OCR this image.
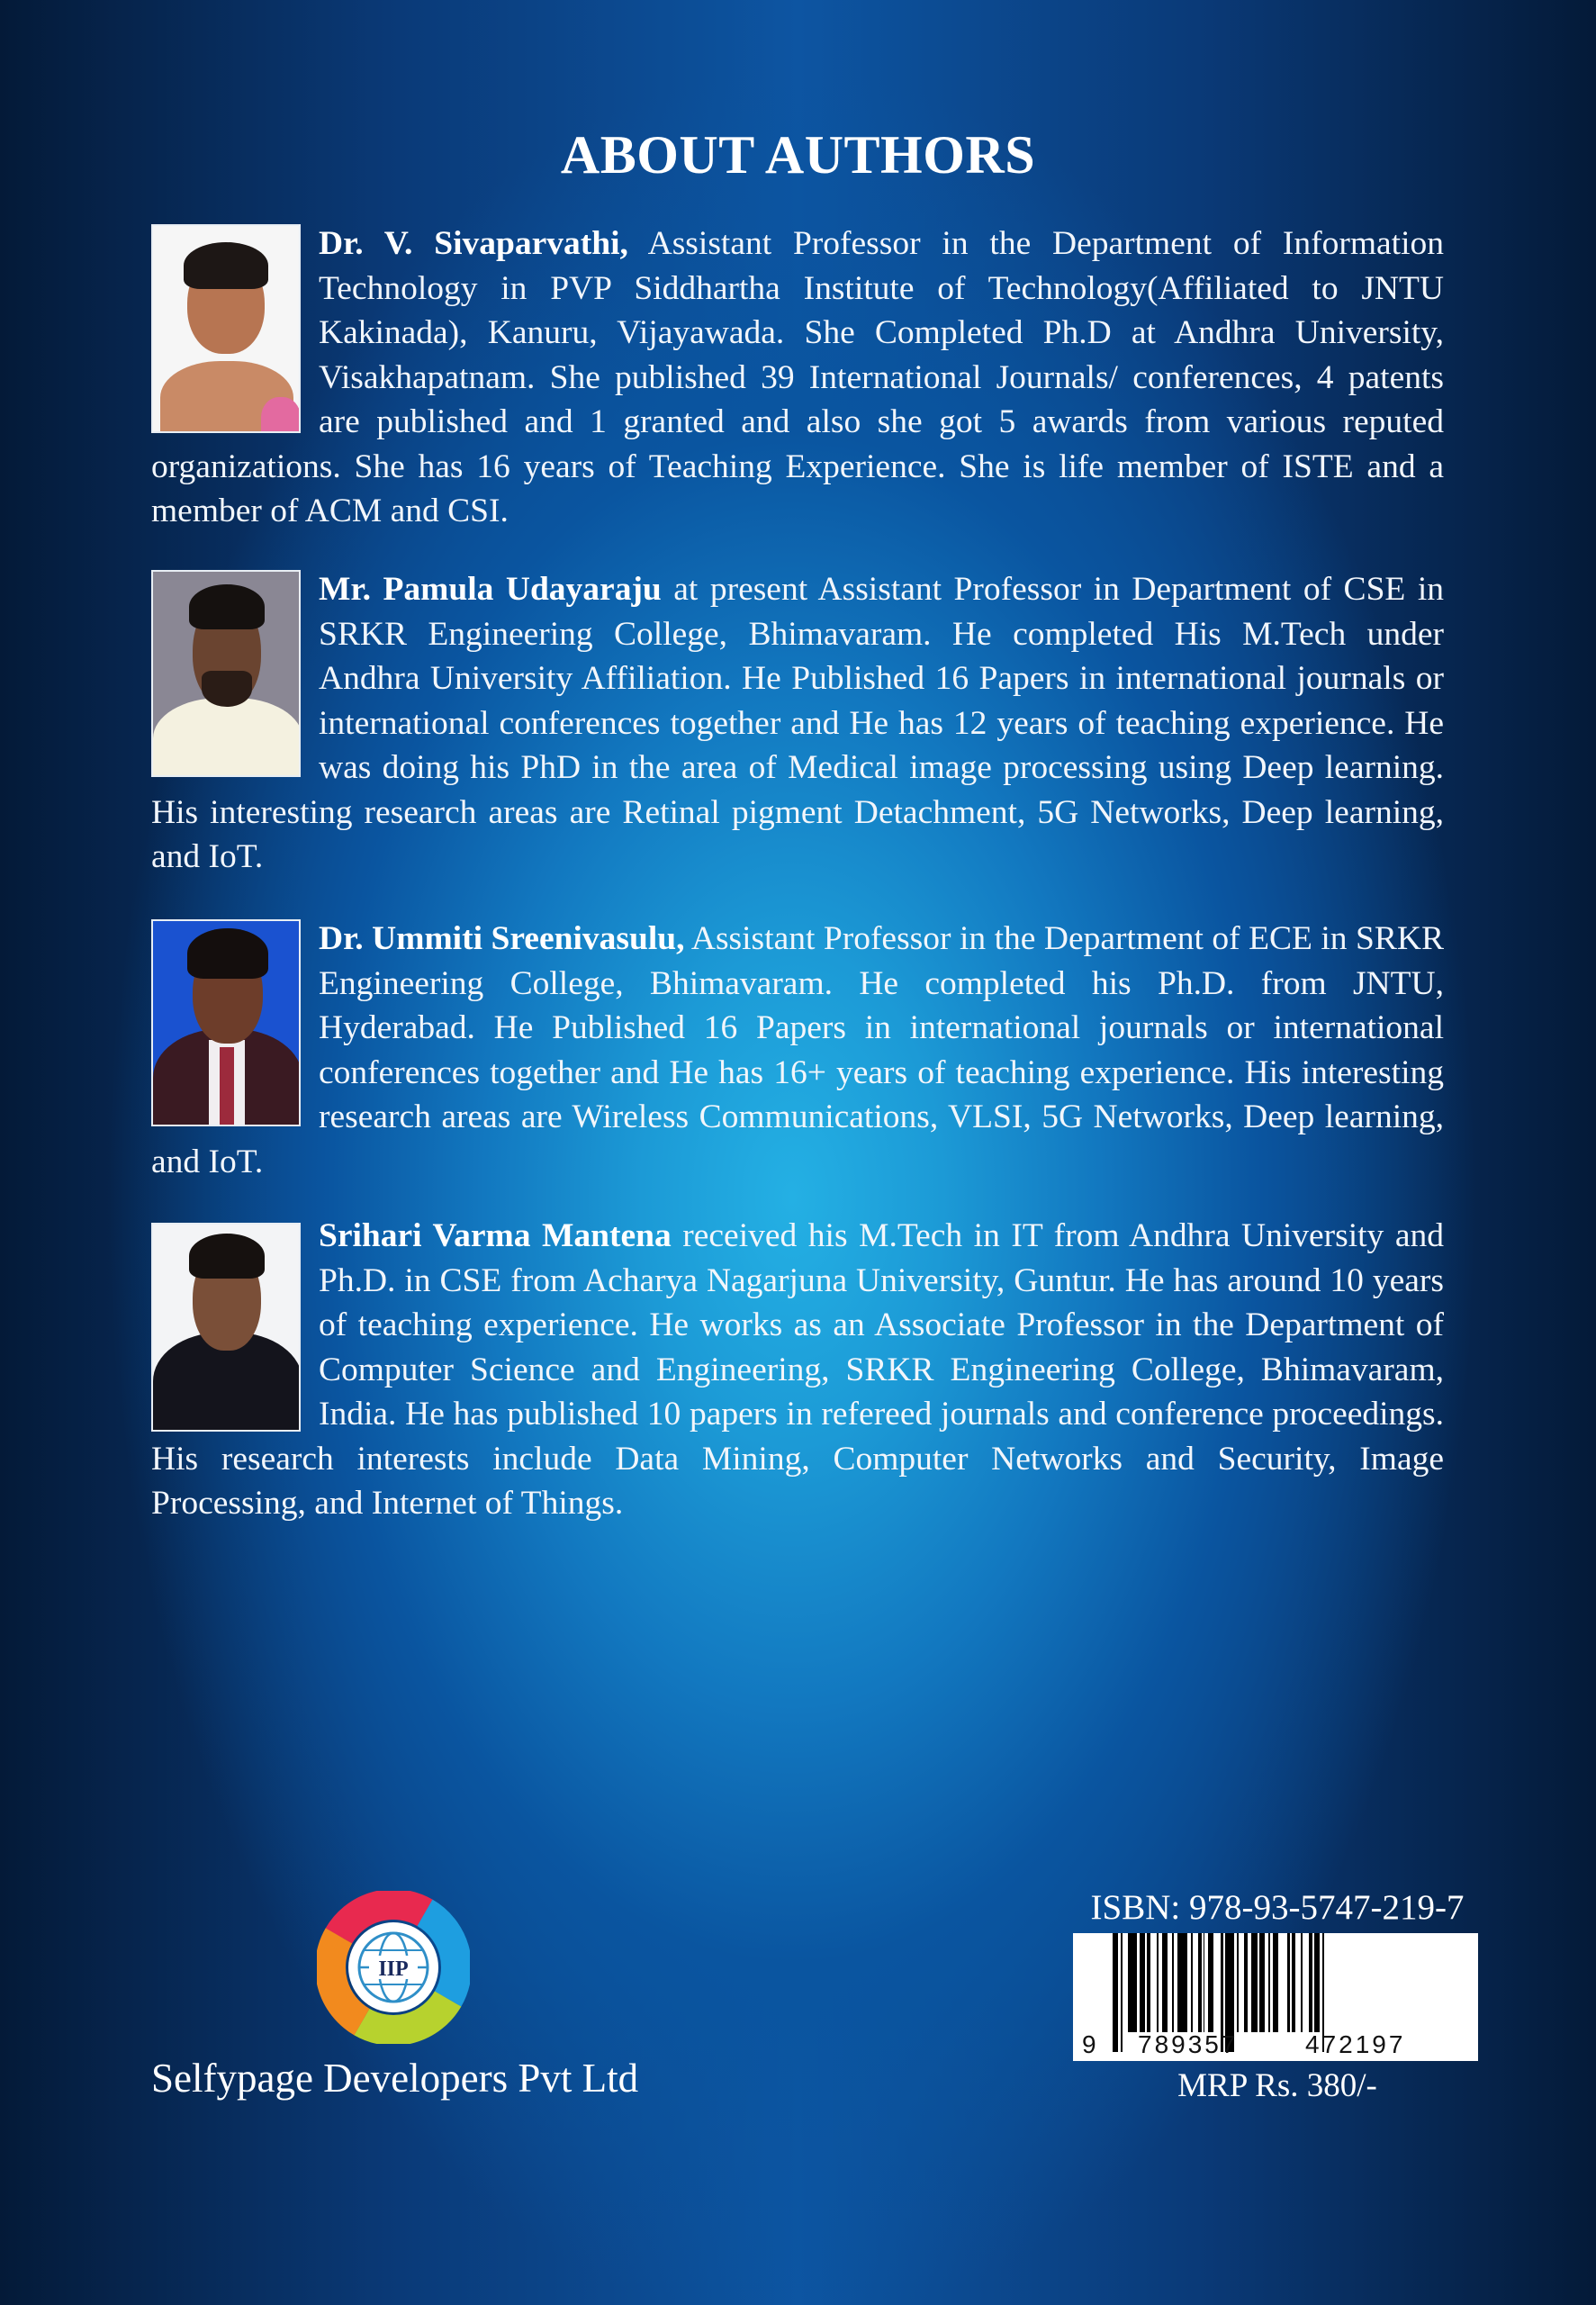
ABOUT AUTHORS
Dr. V. Sivaparvathi, Assistant Professor in the Department of Information Technology in PVP Siddhartha Institute of Technology(Affiliated to JNTU Kakinada), Kanuru, Vijayawada. She Completed Ph.D at Andhra University, Visakhapatnam. She published 39 International Journals/ conferences, 4 patents are published and 1 granted and also she got 5 awards from various reputed organizations. She has 16 years of Teaching Experience. She is life member of ISTE and a member of ACM and CSI.
Mr. Pamula Udayaraju at present Assistant Professor in Department of CSE in SRKR Engineering College, Bhimavaram. He completed His M.Tech under Andhra University Affiliation. He Published 16 Papers in international journals or international conferences together and He has 12 years of teaching experience. He was doing his PhD in the area of Medical image processing using Deep learning. His interesting research areas are Retinal pigment Detachment, 5G Networks, Deep learning, and IoT.
Dr. Ummiti Sreenivasulu, Assistant Professor in the Department of ECE in SRKR Engineering College, Bhimavaram. He completed his Ph.D. from JNTU, Hyderabad. He Published 16 Papers in international journals or international conferences together and He has 16+ years of teaching experience. His interesting research areas are Wireless Communications, VLSI, 5G Networks, Deep learning, and IoT.
Srihari Varma Mantena received his M.Tech in IT from Andhra University and Ph.D. in CSE from Acharya Nagarjuna University, Guntur. He has around 10 years of teaching experience. He works as an Associate Professor in the Department of Computer Science and Engineering, SRKR Engineering College, Bhimavaram, India. He has published 10 papers in refereed journals and conference proceedings. His research interests include Data Mining, Computer Networks and Security, Image Processing, and Internet of Things.
IIP
Selfypage Developers Pvt Ltd
ISBN: 978-93-5747-219-7
9 789357	472197
MRP Rs. 380/-
